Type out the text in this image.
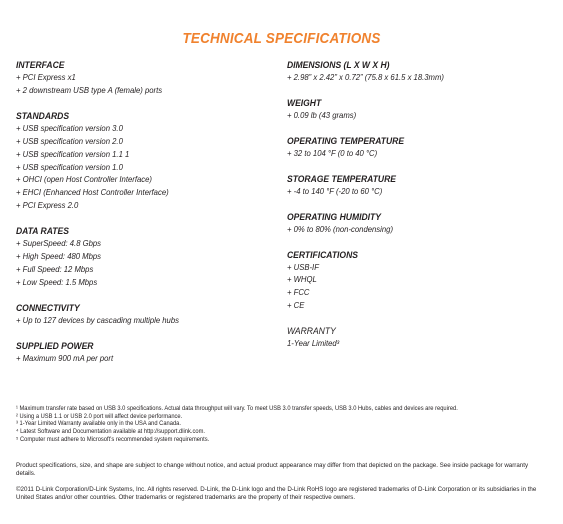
TECHNICAL SPECIFICATIONS
INTERFACE
+ PCI Express x1
+ 2 downstream USB type A (female) ports
STANDARDS
+ USB specification version 3.0
+ USB specification version 2.0
+ USB specification version 1.1 1
+ USB specification version 1.0
+ OHCI (open Host Controller Interface)
+ EHCI (Enhanced Host Controller Interface)
+ PCI Express 2.0
DATA RATES
+ SuperSpeed: 4.8 Gbps
+ High Speed: 480 Mbps
+ Full Speed: 12 Mbps
+ Low Speed: 1.5 Mbps
CONNECTIVITY
+ Up to 127 devices by cascading multiple hubs
SUPPLIED POWER
+ Maximum 900 mA per port
DIMENSIONS (L X W X H)
+ 2.98” x 2.42” x 0.72” (75.8 x 61.5 x 18.3mm)
WEIGHT
+ 0.09 lb (43 grams)
OPERATING TEMPERATURE
+ 32 to 104 °F (0 to 40 °C)
STORAGE TEMPERATURE
+ -4 to 140 °F (-20 to 60 °C)
OPERATING HUMIDITY
+ 0% to 80% (non-condensing)
CERTIFICATIONS
+ USB-IF
+ WHQL
+ FCC
+ CE
WARRANTY
1-Year Limited³
¹ Maximum transfer rate based on USB 3.0 specifications. Actual data throughput will vary. To meet USB 3.0 transfer speeds, USB 3.0 Hubs, cables and devices are required.
² Using a USB 1.1 or USB 2.0 port will affect device performance.
³ 1-Year Limited Warranty available only in the USA and Canada.
⁴ Latest Software and Documentation available at http://support.dlink.com.
⁵ Computer must adhere to Microsoft’s recommended system requirements.
Product specifications, size, and shape are subject to change without notice, and actual product appearance may differ from that depicted on the package. See inside package for warranty details.
©2011 D-Link Corporation/D-Link Systems, Inc. All rights reserved. D-Link, the D-Link logo and the D-Link RoHS logo are registered trademarks of D-Link Corporation or its subsidiaries in the United States and/or other countries. Other trademarks or registered trademarks are the property of their respective owners.
